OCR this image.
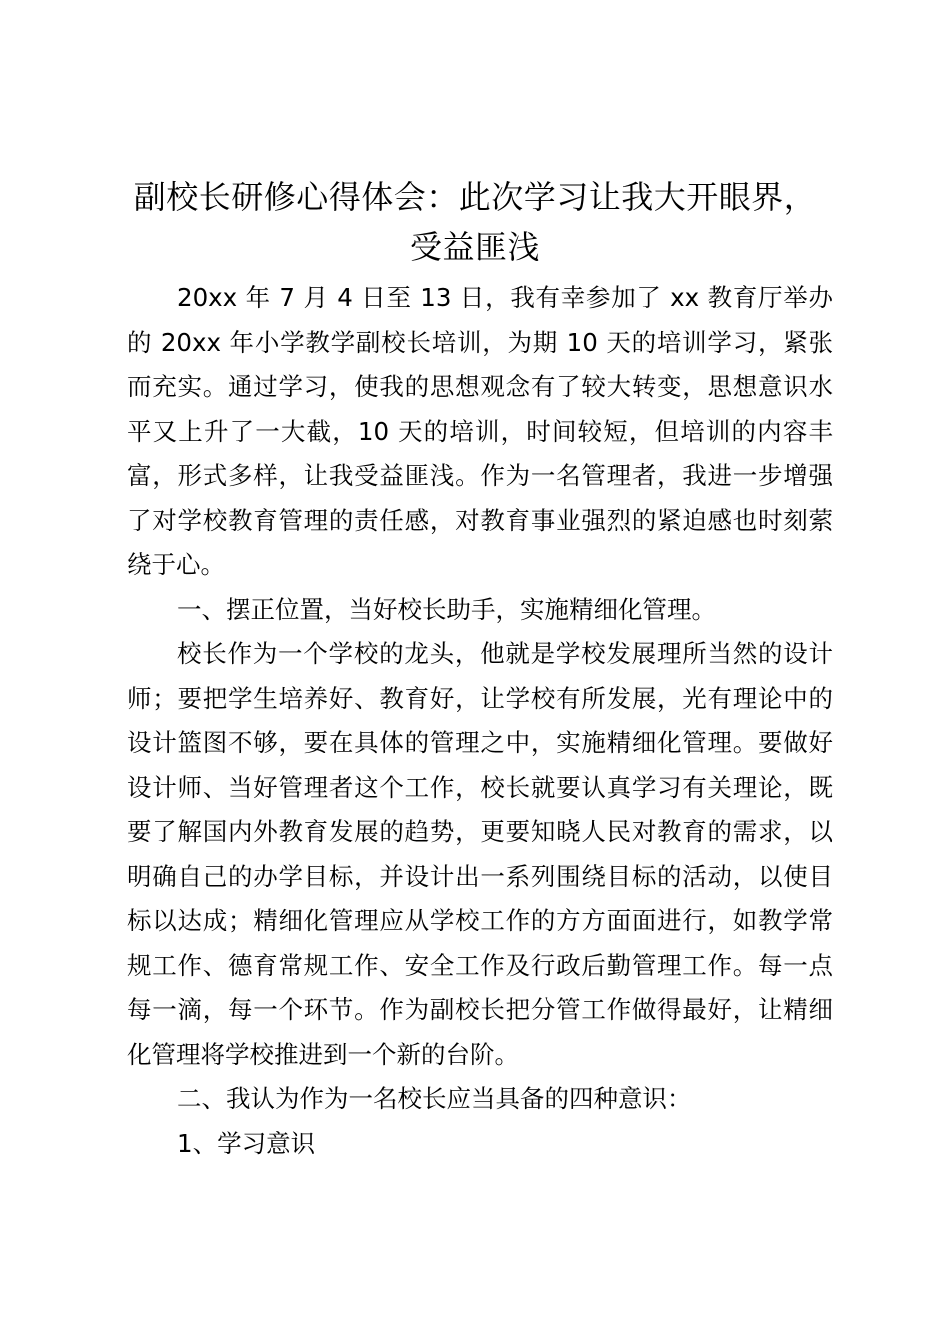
副校长研修心得体会：此次学习让我大开眼界，
受益匪浅

20xx 年 7 月 4 日至 13 日，我有幸参加了 xx 教育厅举办的 20xx 年小学教学副校长培训，为期 10 天的培训学习，紧张而充实。通过学习，使我的思想观念有了较大转变，思想意识水平又上升了一大截，10 天的培训，时间较短，但培训的内容丰富，形式多样，让我受益匪浅。作为一名管理者，我进一步增强了对学校教育管理的责任感，对教育事业强烈的紧迫感也时刻萦绕于心。

一、摆正位置，当好校长助手，实施精细化管理。

校长作为一个学校的龙头，他就是学校发展理所当然的设计师；要把学生培养好、教育好，让学校有所发展，光有理论中的设计篮图不够，要在具体的管理之中，实施精细化管理。要做好设计师、当好管理者这个工作，校长就要认真学习有关理论，既要了解国内外教育发展的趋势，更要知晓人民对教育的需求，以明确自己的办学目标，并设计出一系列围绕目标的活动，以使目标以达成；精细化管理应从学校工作的方方面面进行，如教学常规工作、德育常规工作、安全工作及行政后勤管理工作。每一点每一滴，每一个环节。作为副校长把分管工作做得最好，让精细化管理将学校推进到一个新的台阶。

二、我认为作为一名校长应当具备的四种意识：

1、学习意识
